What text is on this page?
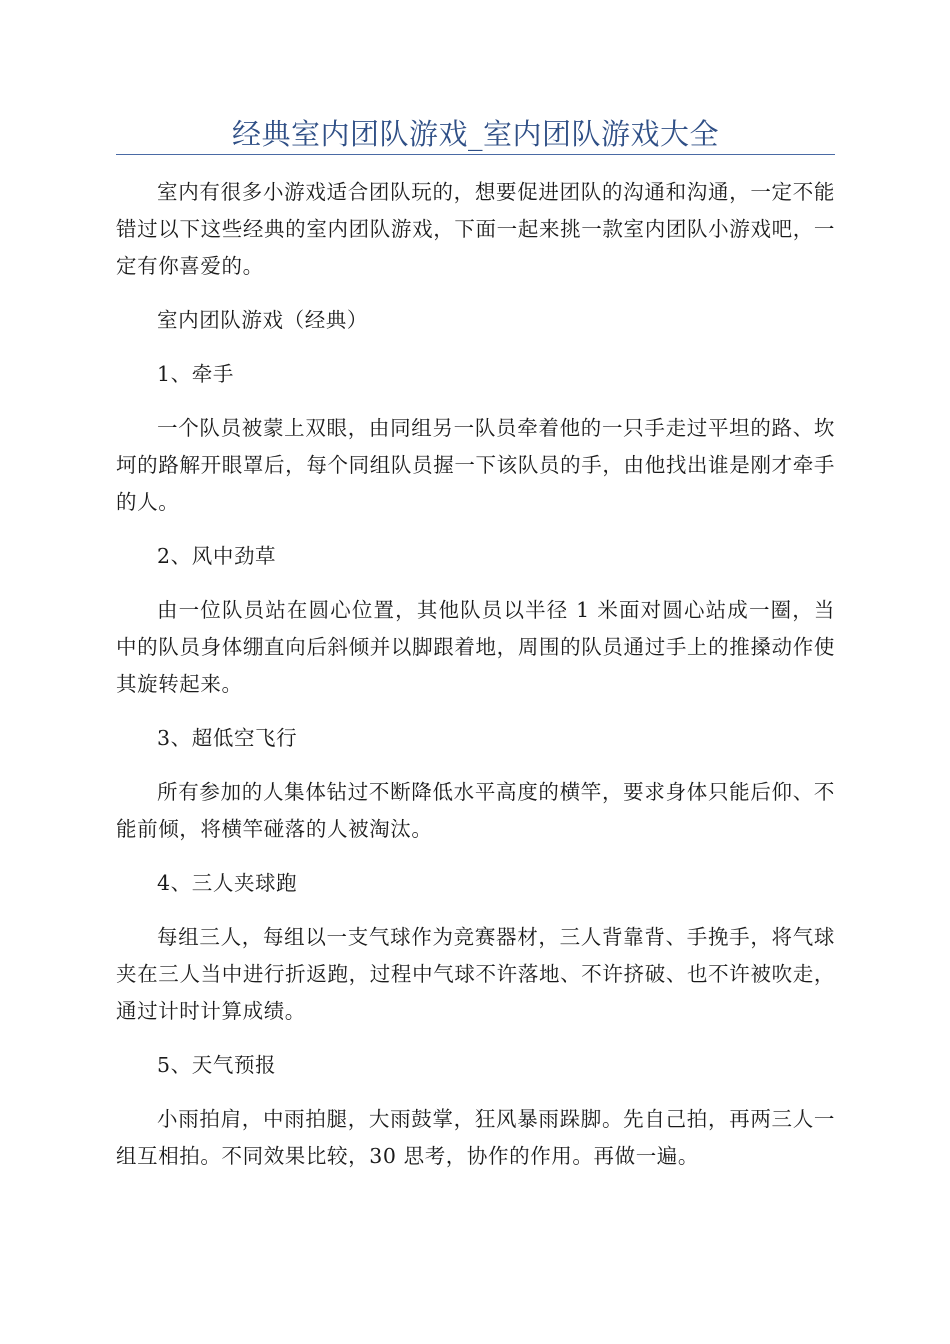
经典室内团队游戏_室内团队游戏大全

室内有很多小游戏适合团队玩的，想要促进团队的沟通和沟通，一定不能错过以下这些经典的室内团队游戏，下面一起来挑一款室内团队小游戏吧，一定有你喜爱的。

室内团队游戏（经典）

1、牵手

一个队员被蒙上双眼，由同组另一队员牵着他的一只手走过平坦的路、坎坷的路解开眼罩后，每个同组队员握一下该队员的手，由他找出谁是刚才牵手的人。

2、风中劲草

由一位队员站在圆心位置，其他队员以半径 1 米面对圆心站成一圈，当中的队员身体绷直向后斜倾并以脚跟着地，周围的队员通过手上的推搡动作使其旋转起来。

3、超低空飞行

所有参加的人集体钻过不断降低水平高度的横竿，要求身体只能后仰、不能前倾，将横竿碰落的人被淘汰。

4、三人夹球跑

每组三人，每组以一支气球作为竞赛器材，三人背靠背、手挽手，将气球夹在三人当中进行折返跑，过程中气球不许落地、不许挤破、也不许被吹走，通过计时计算成绩。

5、天气预报

小雨拍肩，中雨拍腿，大雨鼓掌，狂风暴雨跺脚。先自己拍，再两三人一组互相拍。不同效果比较，30 思考，协作的作用。再做一遍。
